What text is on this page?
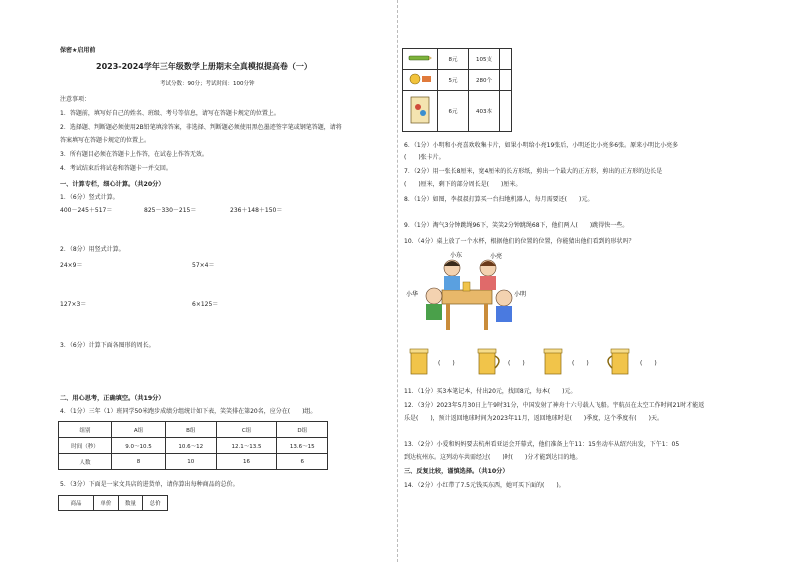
保密★启用前
2023-2024学年三年级数学上册期末全真模拟提高卷（一）
考试分数：90分；考试时间：100分钟
注意事项：
1．答题前，填写好自己的姓名、班级、考号等信息，请写在答题卡规定的位置上。
2．选择题、判断题必须使用2B铅笔填涂答案，非选择、判断题必须使用黑色墨迹签字笔或钢笔答题，请将
答案填写在答题卡规定的位置上。
3．所有题目必须在答题卡上作答，在试卷上作答无效。
4．考试结束后将试卷和答题卡一并交回。
一、计算专栏，细心计算。（共20分）
1．（6分）竖式计算。
400－245＋517＝	825－330－215＝	236＋148＋150＝
2．（8分）用竖式计算。
24×9＝	57×4＝
127×3＝	6×125＝
3．（6分）计算下面各图形的周长。
二、用心思考，正确填空。（共19分）
4．（1分）三年（1）班同学50米跑步成绩分组统计如下表，笑笑排在第20名，应分在(　　)组。
组别	A组	B组	C组	D组
时间（秒）	9.0～10.5	10.6～12	12.1～13.5	13.6～15
人数	8	10	16	6
5．（3分）下面是一家文具店的进货单，请你算出每种商品的总价。
商品	单价	数量	总价
	8元	105支	
	5元	280个	
	6元	403本	
6．（1分）小明和小亮喜欢收集卡片，如果小明给小亮19张后，小明还比小亮多6张。原来小明比小亮多
(　　)张卡片。
7．（2分）用一张长8厘米，宽4厘米的长方形纸，剪出一个最大的正方形，剪出的正方形的边长是
(　　)厘米，剩下的部分周长是(　　)厘米。
8．（1分）如图，李叔叔打算买一台扫地机器人，每月需要还(　　)元。
9．（1分）淘气3分钟跳绳96下，笑笑2分钟跳绳68下，他们两人(　　)跳得快一些。
10．（4分）桌上放了一个水杯，根据他们的位置的位置，你能猜出他们看到的形状吗？
小东	小亮
小华	小明
(　　)	(　　)	(　　)	(　　)
11．（1分）买3本笔记本，付出20元，找回8元，每本(　　)元。
12．（3分）2023年5月30日上午9时31分，中国发射了神舟十六号载人飞船。宇航员在太空工作时间21时才能返
乐是(　　)，预计返回地球时间为2023年11月，返回地球时是(　　)季度，这个季度有(　　)天。
13．（2分）小爱和妈妈要去杭州看亚运会开幕式，他们准备上午11：15坐动车从绍兴出发，下午1：05
到达杭州东。这列动车共需经过(　　)时(　　)分才能到达目的地。
三、反复比较，谨慎选择。（共10分）
14．（2分）小红带了7.5元钱买东西，她可买下面的(　　)。
